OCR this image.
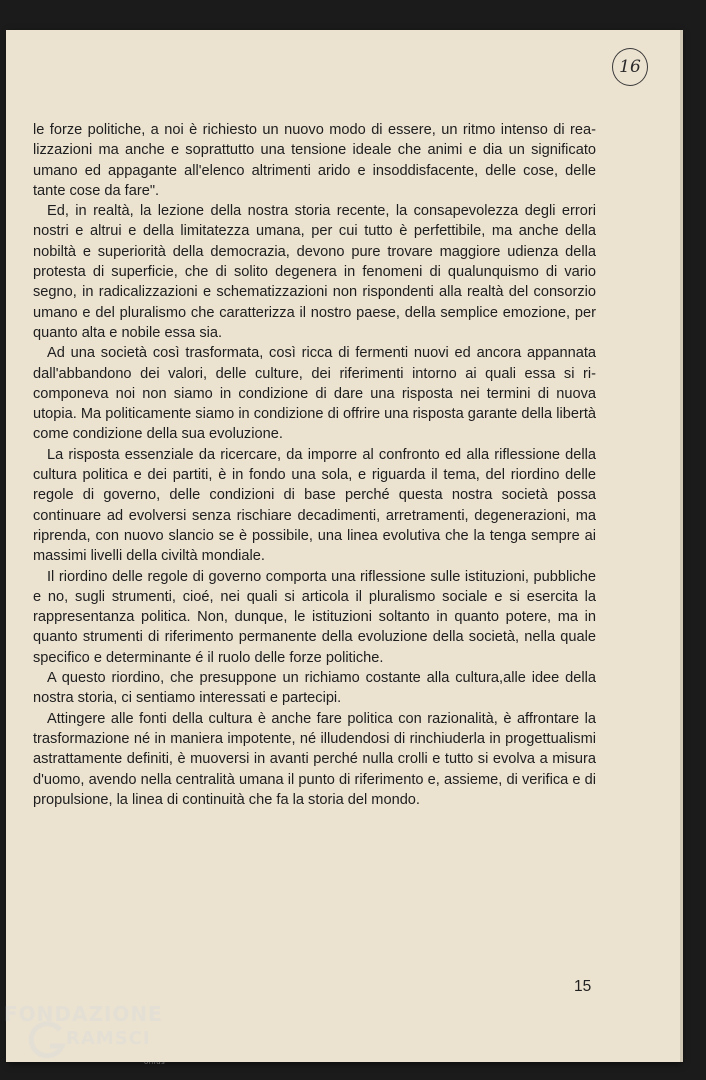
16

le forze politiche, a noi è richiesto un nuovo modo di essere, un ritmo intenso di realizzazioni ma anche e soprattutto una tensione ideale che animi e dia un significato umano ed appagante all'elenco altrimenti arido e insoddisfacente, delle cose, delle tante cose da fare".

Ed, in realtà, la lezione della nostra storia recente, la consapevolezza degli errori nostri e altrui e della limitatezza umana, per cui tutto è perfettibile, ma anche della nobiltà e superiorità della democrazia, devono pure trovare maggiore udienza della protesta di superficie, che di solito degenera in fenomeni di qualunquismo di vario segno, in radicalizzazioni e schematizzazioni non rispondenti alla realtà del consorzio umano e del pluralismo che caratterizza il nostro paese, della semplice emozione, per quanto alta e nobile essa sia.

Ad una società così trasformata, così ricca di fermenti nuovi ed ancora appannata dall'abbandono dei valori, delle culture, dei riferimenti intorno ai quali essa si ricomponeva noi non siamo in condizione di dare una risposta nei termini di nuova utopia. Ma politicamente siamo in condizione di offrire una risposta garante della libertà come condizione della sua evoluzione.

La risposta essenziale da ricercare, da imporre al confronto ed alla riflessione della cultura politica e dei partiti, è in fondo una sola, e riguarda il tema, del riordino delle regole di governo, delle condizioni di base perché questa nostra società possa continuare ad evolversi senza rischiare decadimenti, arretramenti, degenerazioni, ma riprenda, con nuovo slancio se è possibile, una linea evolutiva che la tenga sempre ai massimi livelli della civiltà mondiale.

Il riordino delle regole di governo comporta una riflessione sulle istituzioni, pubbliche e no, sugli strumenti, cioé, nei quali si articola il pluralismo sociale e si esercita la rappresentanza politica. Non, dunque, le istituzioni soltanto in quanto potere, ma in quanto strumenti di riferimento permanente della evoluzione della società, nella quale specifico e determinante é il ruolo delle forze politiche.

A questo riordino, che presuppone un richiamo costante alla cultura,alle idee della nostra storia, ci sentiamo interessati e partecipi.

Attingere alle fonti della cultura è anche fare politica con razionalità, è affrontare la trasformazione né in maniera impotente, né illudendosi di rinchiuderla in progettualismi astrattamente definiti, è muoversi in avanti perché nulla crolli e tutto si evolva a misura d'uomo, avendo nella centralità umana il punto di riferimento e, assieme, di verifica e di propulsione, la linea di continuità che fa la storia del mondo.

15
FONDAZIONE
RAMSCI
onlus
